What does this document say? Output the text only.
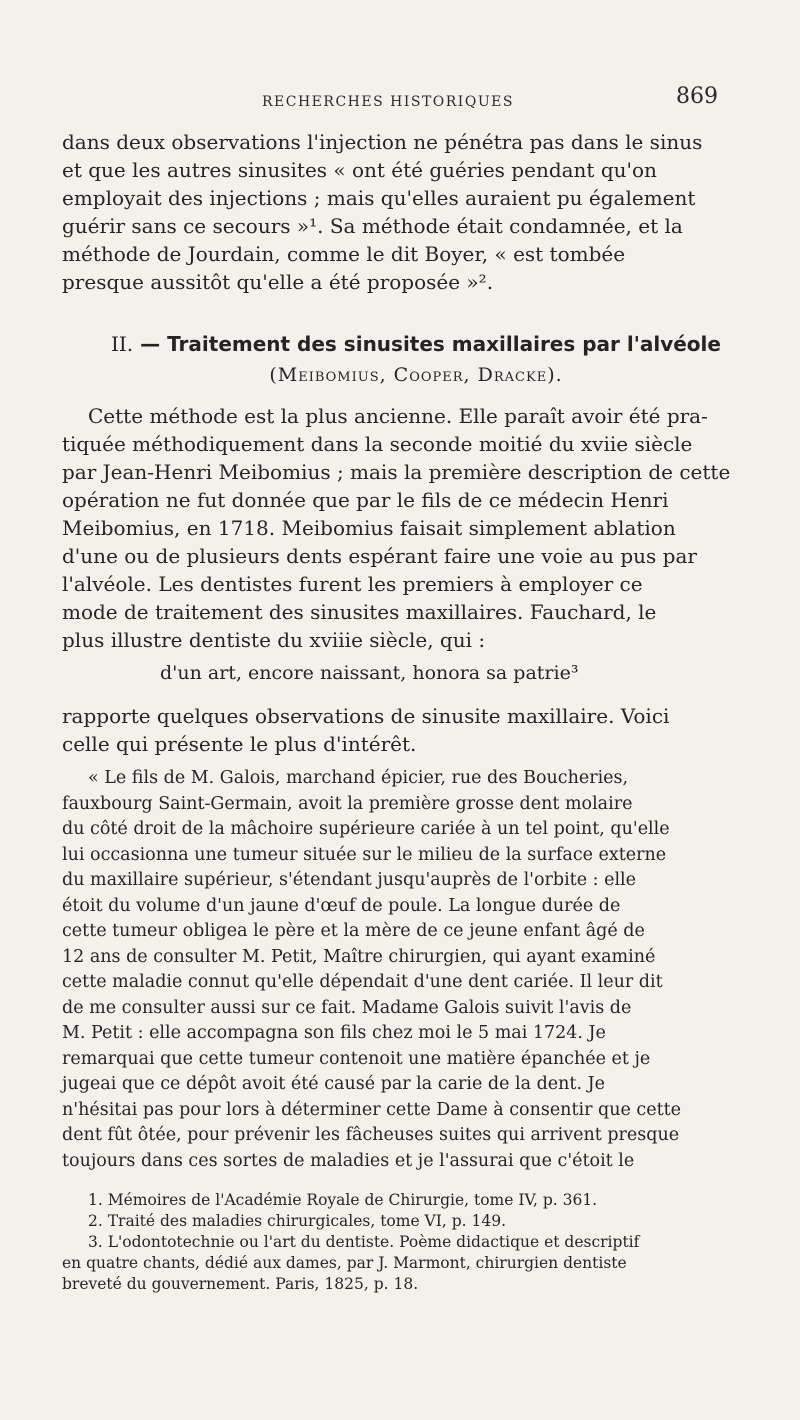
RECHERCHES HISTORIQUES	869

dans deux observations l'injection ne pénétra pas dans le sinus
et que les autres sinusites « ont été guéries pendant qu'on
employait des injections ; mais qu'elles auraient pu également
guérir sans ce secours »¹. Sa méthode était condamnée, et la
méthode de Jourdain, comme le dit Boyer, « est tombée
presque aussitôt qu'elle a été proposée »².

II. — Traitement des sinusites maxillaires par l'alvéole
(Meibomius, Cooper, Dracke).

Cette méthode est la plus ancienne. Elle paraît avoir été pra-
tiquée méthodiquement dans la seconde moitié du xviie siècle
par Jean-Henri Meibomius ; mais la première description de cette
opération ne fut donnée que par le fils de ce médecin Henri
Meibomius, en 1718. Meibomius faisait simplement ablation
d'une ou de plusieurs dents espérant faire une voie au pus par
l'alvéole. Les dentistes furent les premiers à employer ce
mode de traitement des sinusites maxillaires. Fauchard, le
plus illustre dentiste du xviiie siècle, qui :

d'un art, encore naissant, honora sa patrie³

rapporte quelques observations de sinusite maxillaire. Voici
celle qui présente le plus d'intérêt.

« Le fils de M. Galois, marchand épicier, rue des Boucheries,
fauxbourg Saint-Germain, avoit la première grosse dent molaire
du côté droit de la mâchoire supérieure cariée à un tel point, qu'elle
lui occasionna une tumeur située sur le milieu de la surface externe
du maxillaire supérieur, s'étendant jusqu'auprès de l'orbite : elle
étoit du volume d'un jaune d'œuf de poule. La longue durée de
cette tumeur obligea le père et la mère de ce jeune enfant âgé de
12 ans de consulter M. Petit, Maître chirurgien, qui ayant examiné
cette maladie connut qu'elle dépendait d'une dent cariée. Il leur dit
de me consulter aussi sur ce fait. Madame Galois suivit l'avis de
M. Petit : elle accompagna son fils chez moi le 5 mai 1724. Je
remarquai que cette tumeur contenoit une matière épanchée et je
jugeai que ce dépôt avoit été causé par la carie de la dent. Je
n'hésitai pas pour lors à déterminer cette Dame à consentir que cette
dent fût ôtée, pour prévenir les fâcheuses suites qui arrivent presque
toujours dans ces sortes de maladies et je l'assurai que c'étoit le

1. Mémoires de l'Académie Royale de Chirurgie, tome IV, p. 361.
2. Traité des maladies chirurgicales, tome VI, p. 149.
3. L'odontotechnie ou l'art du dentiste. Poème didactique et descriptif
en quatre chants, dédié aux dames, par J. Marmont, chirurgien dentiste
breveté du gouvernement. Paris, 1825, p. 18.
